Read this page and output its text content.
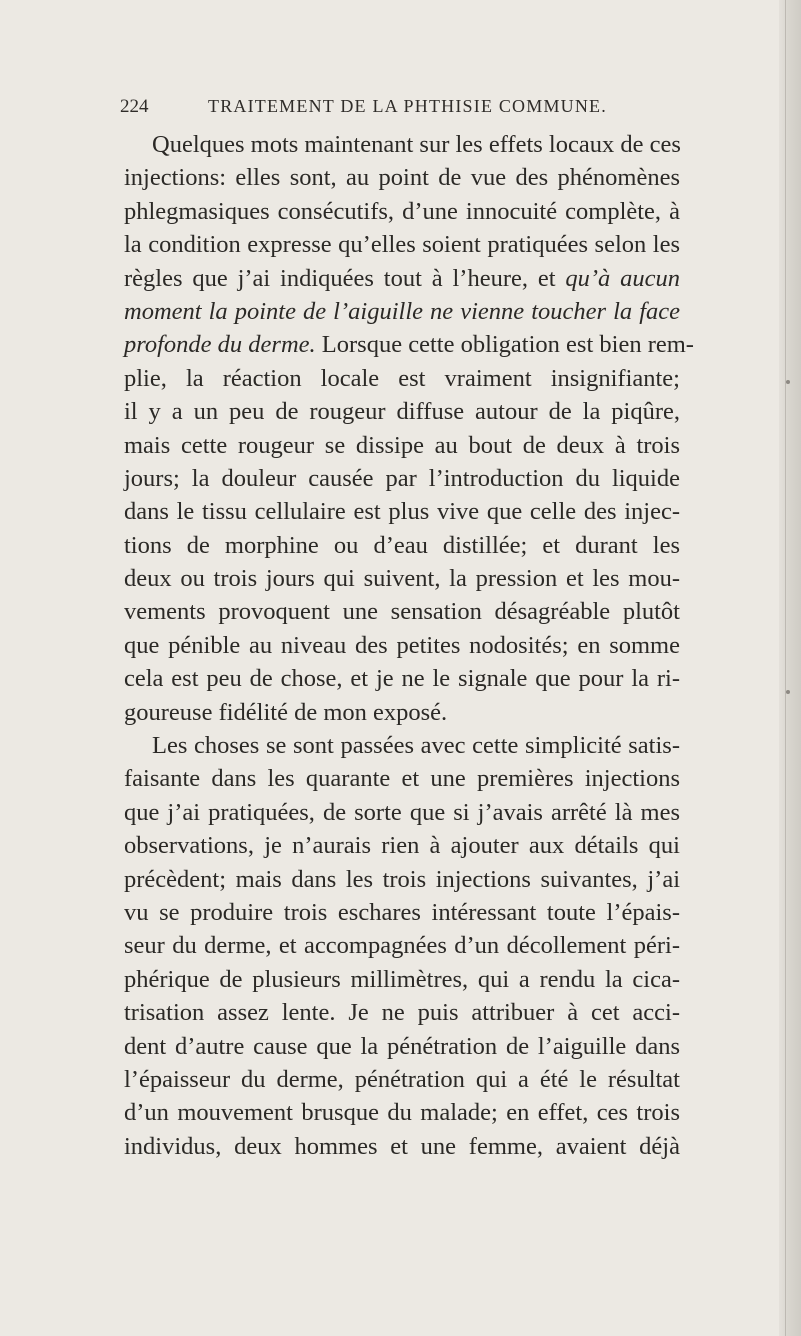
224	TRAITEMENT DE LA PHTHISIE COMMUNE.
Quelques mots maintenant sur les effets locaux de ces
injections: elles sont, au point de vue des phénomènes
phlegmasiques consécutifs, d’une innocuité complète, à
la condition expresse qu’elles soient pratiquées selon les
règles que j’ai indiquées tout à l’heure, et qu’à aucun
moment la pointe de l’aiguille ne vienne toucher la face
profonde du derme. Lorsque cette obligation est bien rem-
plie, la réaction locale est vraiment insignifiante;
il y a un peu de rougeur diffuse autour de la piqûre,
mais cette rougeur se dissipe au bout de deux à trois
jours; la douleur causée par l’introduction du liquide
dans le tissu cellulaire est plus vive que celle des injec-
tions de morphine ou d’eau distillée; et durant les
deux ou trois jours qui suivent, la pression et les mou-
vements provoquent une sensation désagréable plutôt
que pénible au niveau des petites nodosités; en somme
cela est peu de chose, et je ne le signale que pour la ri-
goureuse fidélité de mon exposé.
Les choses se sont passées avec cette simplicité satis-
faisante dans les quarante et une premières injections
que j’ai pratiquées, de sorte que si j’avais arrêté là mes
observations, je n’aurais rien à ajouter aux détails qui
précèdent; mais dans les trois injections suivantes, j’ai
vu se produire trois eschares intéressant toute l’épais-
seur du derme, et accompagnées d’un décollement péri-
phérique de plusieurs millimètres, qui a rendu la cica-
trisation assez lente. Je ne puis attribuer à cet acci-
dent d’autre cause que la pénétration de l’aiguille dans
l’épaisseur du derme, pénétration qui a été le résultat
d’un mouvement brusque du malade; en effet, ces trois
individus, deux hommes et une femme, avaient déjà
